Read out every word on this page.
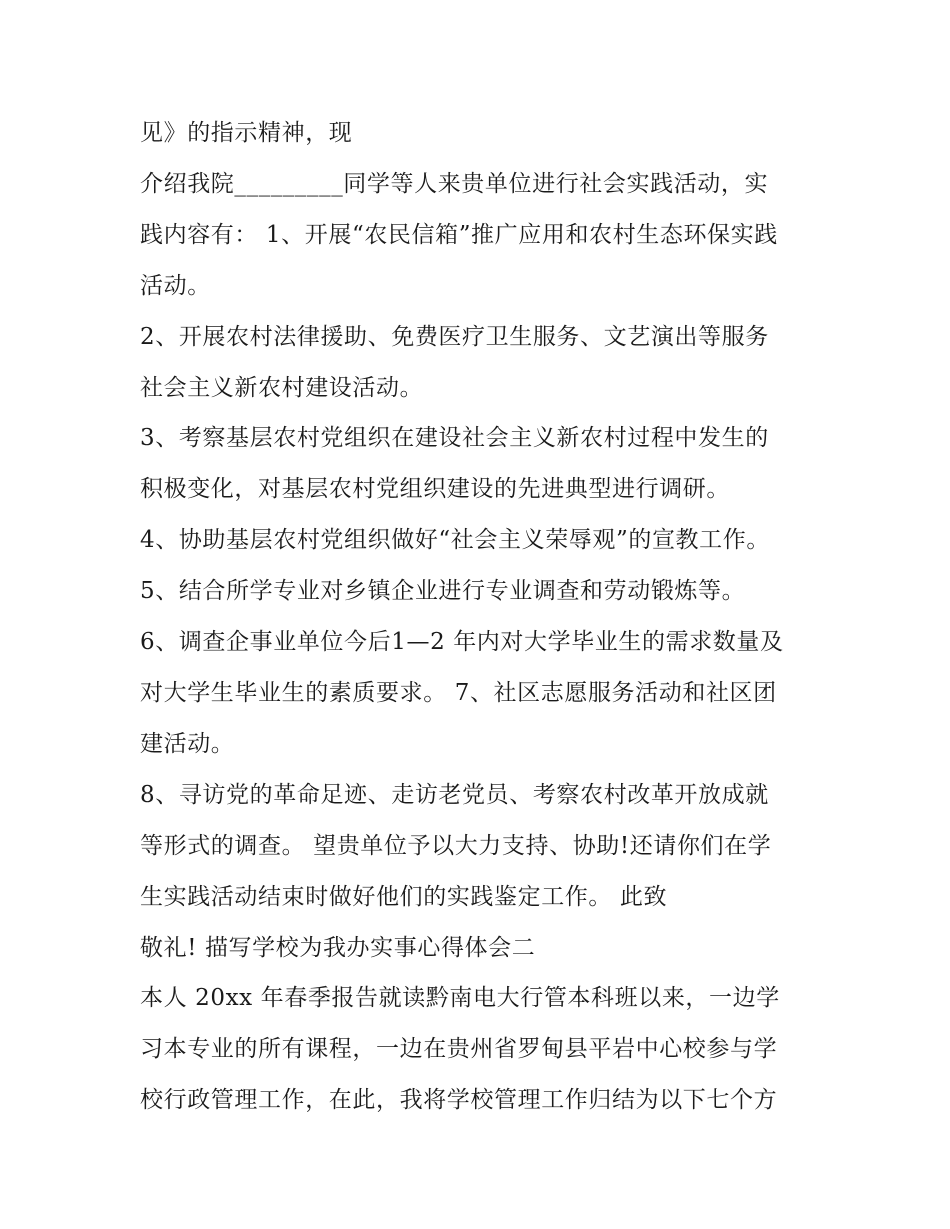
见》的指示精神，现
介绍我院_________同学等人来贵单位进行社会实践活动，实
践内容有： 1、开展“农民信箱”推广应用和农村生态环保实践
活动。
2、开展农村法律援助、免费医疗卫生服务、文艺演出等服务
社会主义新农村建设活动。
3、考察基层农村党组织在建设社会主义新农村过程中发生的
积极变化，对基层农村党组织建设的先进典型进行调研。
4、协助基层农村党组织做好“社会主义荣辱观”的宣教工作。
5、结合所学专业对乡镇企业进行专业调查和劳动锻炼等。
6、调查企事业单位今后1—2 年内对大学毕业生的需求数量及
对大学生毕业生的素质要求。 7、社区志愿服务活动和社区团
建活动。
8、寻访党的革命足迹、走访老党员、考察农村改革开放成就
等形式的调查。 望贵单位予以大力支持、协助!还请你们在学
生实践活动结束时做好他们的实践鉴定工作。 此致
敬礼! 描写学校为我办实事心得体会二
本人 20xx 年春季报告就读黔南电大行管本科班以来，一边学
习本专业的所有课程，一边在贵州省罗甸县平岩中心校参与学
校行政管理工作，在此，我将学校管理工作归结为以下七个方
